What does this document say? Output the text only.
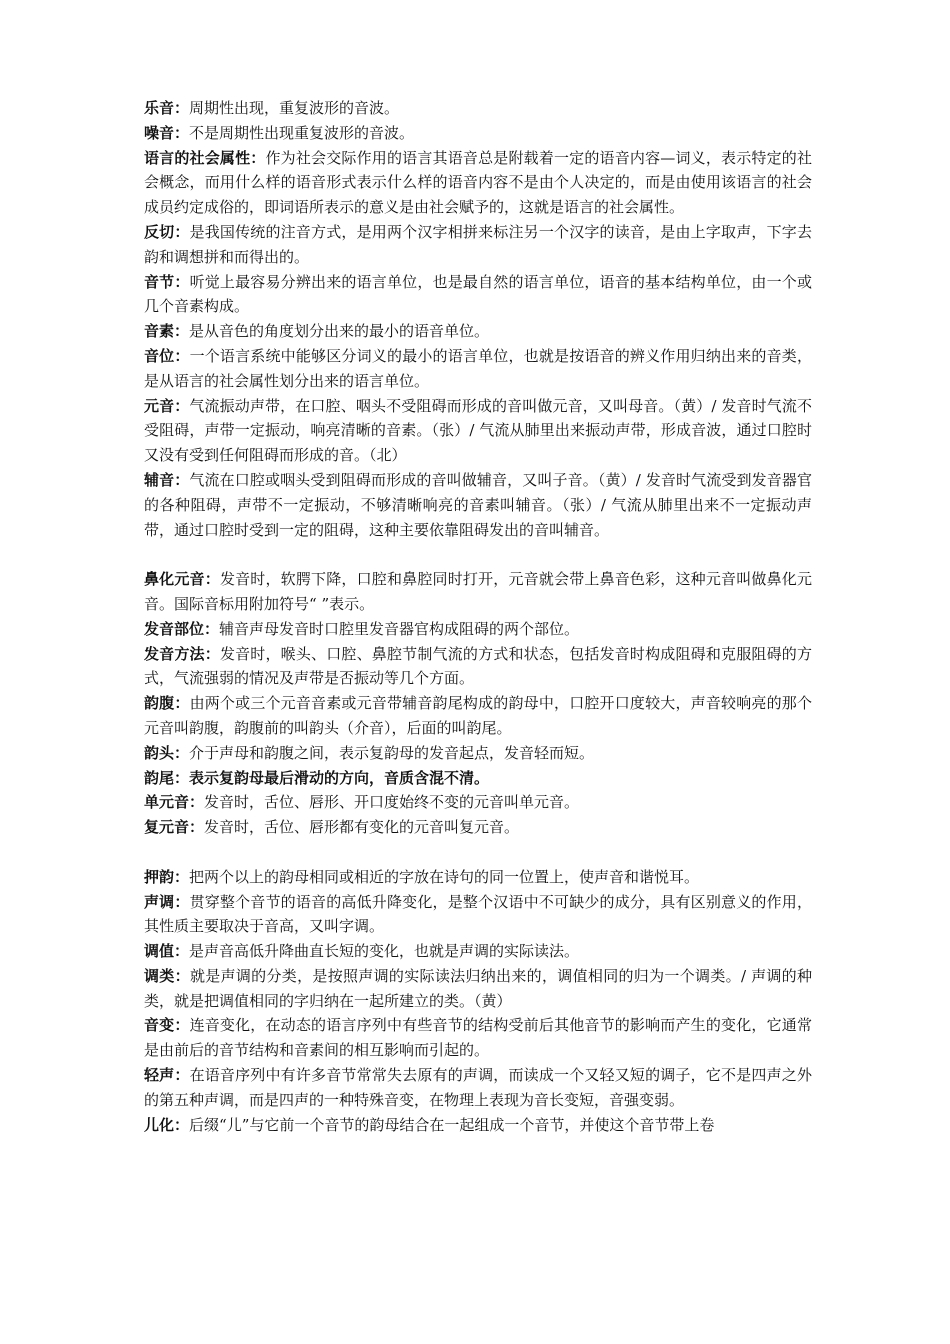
乐音：周期性出现，重复波形的音波。

噪音：不是周期性出现重复波形的音波。

语言的社会属性：作为社会交际作用的语言其语音总是附载着一定的语音内容—词义，表示特定的社会概念，而用什么样的语音形式表示什么样的语音内容不是由个人决定的，而是由使用该语言的社会成员约定成俗的，即词语所表示的意义是由社会赋予的，这就是语言的社会属性。

反切：是我国传统的注音方式，是用两个汉字相拼来标注另一个汉字的读音，是由上字取声，下字去韵和调想拼和而得出的。

音节：听觉上最容易分辨出来的语言单位，也是最自然的语言单位，语音的基本结构单位，由一个或几个音素构成。

音素：是从音色的角度划分出来的最小的语音单位。

音位：一个语言系统中能够区分词义的最小的语言单位，也就是按语音的辨义作用归纳出来的音类，是从语言的社会属性划分出来的语言单位。

元音：气流振动声带，在口腔、咽头不受阻碍而形成的音叫做元音，又叫母音。（黄）/ 发音时气流不受阻碍，声带一定振动，响亮清晰的音素。（张）/ 气流从肺里出来振动声带，形成音波，通过口腔时又没有受到任何阻碍而形成的音。（北）

辅音：气流在口腔或咽头受到阻碍而形成的音叫做辅音，又叫子音。（黄）/ 发音时气流受到发音器官的各种阻碍，声带不一定振动，不够清晰响亮的音素叫辅音。（张）/ 气流从肺里出来不一定振动声带，通过口腔时受到一定的阻碍，这种主要依靠阻碍发出的音叫辅音。

鼻化元音：发音时，软腭下降，口腔和鼻腔同时打开，元音就会带上鼻音色彩，这种元音叫做鼻化元音。国际音标用附加符号“ ”表示。

发音部位：辅音声母发音时口腔里发音器官构成阻碍的两个部位。

发音方法：发音时，喉头、口腔、鼻腔节制气流的方式和状态，包括发音时构成阻碍和克服阻碍的方式，气流强弱的情况及声带是否振动等几个方面。

韵腹：由两个或三个元音音素或元音带辅音韵尾构成的韵母中，口腔开口度较大，声音较响亮的那个元音叫韵腹，韵腹前的叫韵头（介音），后面的叫韵尾。

韵头：介于声母和韵腹之间，表示复韵母的发音起点，发音轻而短。

韵尾：表示复韵母最后滑动的方向，音质含混不清。

单元音：发音时，舌位、唇形、开口度始终不变的元音叫单元音。

复元音：发音时，舌位、唇形都有变化的元音叫复元音。

押韵：把两个以上的韵母相同或相近的字放在诗句的同一位置上，使声音和谐悦耳。

声调：贯穿整个音节的语音的高低升降变化，是整个汉语中不可缺少的成分，具有区别意义的作用，其性质主要取决于音高，又叫字调。

调值：是声音高低升降曲直长短的变化，也就是声调的实际读法。

调类：就是声调的分类，是按照声调的实际读法归纳出来的，调值相同的归为一个调类。/ 声调的种类，就是把调值相同的字归纳在一起所建立的类。（黄）

音变：连音变化，在动态的语言序列中有些音节的结构受前后其他音节的影响而产生的变化，它通常是由前后的音节结构和音素间的相互影响而引起的。

轻声：在语音序列中有许多音节常常失去原有的声调，而读成一个又轻又短的调子，它不是四声之外的第五种声调，而是四声的一种特殊音变，在物理上表现为音长变短，音强变弱。

儿化：后缀“儿”与它前一个音节的韵母结合在一起组成一个音节，并使这个音节带上卷
